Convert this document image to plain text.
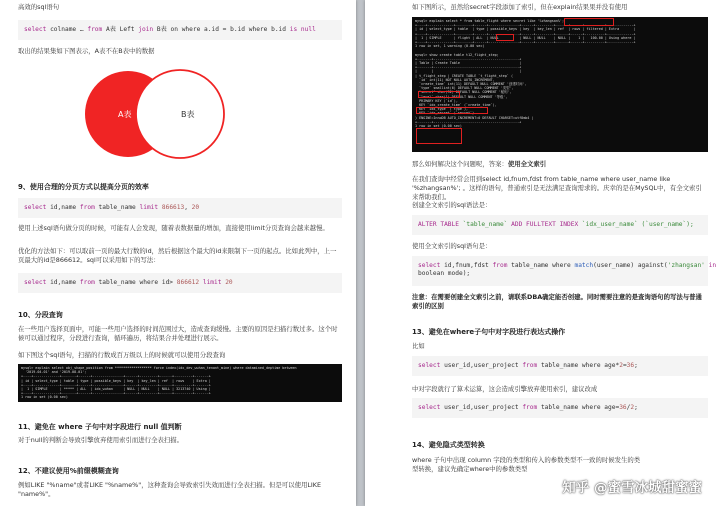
高效的sql语句
select colname … from A表 Left join B表 on where a.id = b.id where b.id is null
取出的结果集如下图表示，A表不在B表中的数据
A表	B表
9、使用合理的分页方式以提高分页的效率
select id,name from table_name limit 866613, 20
使用上述sql语句做分页的时候，可能有人会发现，随着表数据量的增加，直接使用limit分页查询会越来越慢。
优化的方法如下：可以取前一页的最大行数的id，然后根据这个最大的id来限制下一页的起点。比如此列中，上一页最大的id是866612。sql可以采用如下的写法：
select id,name from table_name where id> 866612 limit 20
10、分段查询
在一些用户选择页面中，可能一些用户选择的时间范围过大，造成查询缓慢。主要的原因是扫描行数过多。这个时候可以通过程序，分段进行查询，循环遍历，将结果合并处理进行展示。
如下图这个sql语句，扫描的行数成百万级以上的时候就可以使用分段查询
mysql> explain select obj_shape_position from ****************** force index(idx_dev_wuhan_tenant_mine) where datamined_deptime between
'2019-04-01' and '2019-08-01';
+----+-------------+-------+------+---------------+------+---------+------+---------+-------+
| id | select_type | table | type | possible_keys | key  | key_len | ref  | rows    | Extra |
+----+-------------+-------+------+---------------+------+---------+------+---------+-------+
|  1 | SIMPLE      | ***** | ALL  | idx_wuhan     | NULL | NULL    | NULL | 3213740 | Using |
+----+-------------+-------+------+---------------+------+---------+------+---------+-------+
1 row in set (0.00 sec)
11、避免在 where 子句中对字段进行 null 值判断
对于null的判断会导致引擎放弃使用索引而进行全表扫描。
12、不建议使用%前缀模糊查询
例如LIKE "%name"或者LIKE "%name%"，这种查询会导致索引失效而进行全表扫描。但是可以使用LIKE "name%"。
如下图所示，虽然给secret字段添加了索引，但在explain结果果并没有使用
mysql> explain select * from table_flight where secret like '%zhangsan%';
+----+-------------+--------+------+---------------+------+---------+------+------+----------+-------------+
| id | select_type | table  | type | possible_keys | key  | key_len | ref  | rows | filtered | Extra       |
+----+-------------+--------+------+---------------+------+---------+------+------+----------+-------------+
|  1 | SIMPLE      | flight | ALL  | NULL          | NULL | NULL    | NULL |    1 |   100.00 | Using where |
+----+-------------+--------+------+---------------+------+---------+------+------+----------+-------------+
1 row in set, 1 warning (0.00 sec)

mysql> show create table t12_flight_step;
+-------+------------------------------------------+
| Table | Create Table                             |
+-------+------------------------------------------+
|       |                                          |
| t_flight_step | CREATE TABLE `t_flight_step` (
`id` int(11) NOT NULL AUTO_INCREMENT,
`create_time` int(11) DEFAULT NULL COMMENT '创建时间',
`type` smallint(6) DEFAULT NULL COMMENT '类型',
`secret` char(32) DEFAULT NULL COMMENT '秘钥',
`level` char(1) DEFAULT NULL COMMENT '等级',
PRIMARY KEY (`id`),
KEY `idx_create_time` (`create_time`),
KEY `idx_type` (`type`),
KEY `idx_secret` (`secret`)
) ENGINE=InnoDB AUTO_INCREMENT=0 DEFAULT CHARSET=utf8mb4 |
+-------+------------------------------------------+
1 row in set (0.00 sec)
那么如何解决这个问题呢，答案：使用全文索引
在我们查询中经常会用到select id,fnum,fdst from table_name where user_name like '%zhangsan%'; 。这样的语句，普通索引是无法满足查询需求的。庆幸的是在MySQL中，有全文索引来帮助我们。
创建全文索引的sql语法是：
ALTER TABLE `table_name` ADD FULLTEXT INDEX `idx_user_name` (`user_name`);
使用全文索引的sql语句是：
select id,fnum,fdst from table_name where match(user_name) against('zhangsan' in
boolean mode);
注意：在需要创建全文索引之前，请联系DBA确定能否创建。同时需要注意的是查询语句的写法与普通索引的区别
13、避免在where子句中对字段进行表达式操作
比如
select user_id,user_project from table_name where age*2=36;
中对字段就行了算术运算，这会造成引擎放弃使用索引，建议改成
select user_id,user_project from table_name where age=36/2;
14、避免隐式类型转换
where 子句中出现 column 字段的类型和传入的参数类型不一致的时候发生的类型转换，建议先确定where中的参数类型
知乎 @蜜雪冰城甜蜜蜜
